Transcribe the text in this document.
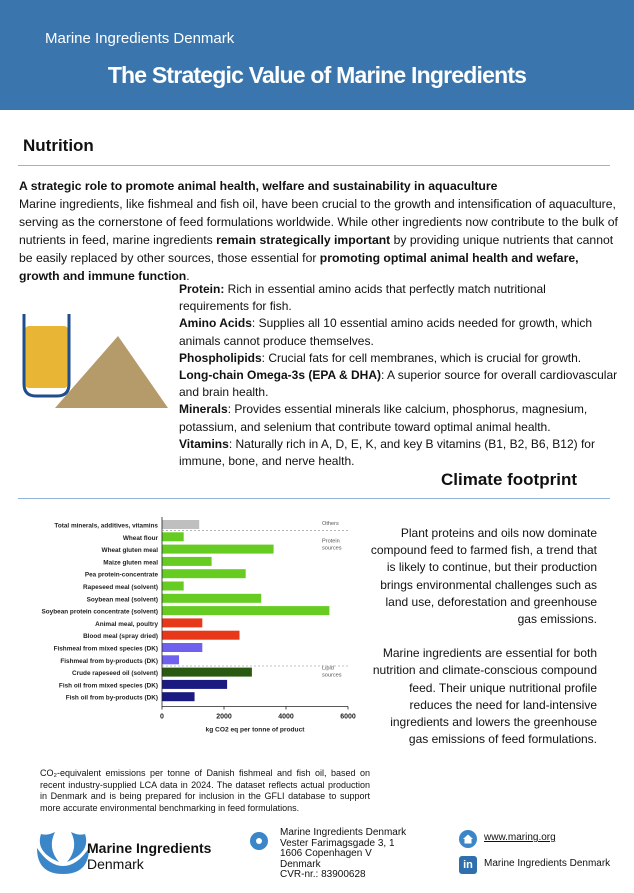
Marine Ingredients Denmark
The Strategic Value of Marine Ingredients
Nutrition
A strategic role to promote animal health, welfare and sustainability in aquaculture
Marine ingredients, like fishmeal and fish oil, have been crucial to the growth and intensification of aquaculture, serving as the cornerstone of feed formulations worldwide. While other ingredients now contribute to the bulk of nutrients in feed, marine ingredients remain strategically important by providing unique nutrients that cannot be easily replaced by other sources, those essential for promoting optimal animal health and wefare, growth and immune function.

Protein: Rich in essential amino acids that perfectly match nutritional requirements for fish.

Amino Acids: Supplies all 10 essential amino acids needed for growth, which animals cannot produce themselves.

Phospholipids: Crucial fats for cell membranes, which is crucial for growth.

Long-chain Omega-3s (EPA & DHA): A superior source for overall cardiovascular and brain health.

Minerals: Provides essential minerals like calcium, phosphorus, magnesium, potassium, and selenium that contribute toward optimal animal health.

Vitamins: Naturally rich in A, D, E, K, and key B vitamins (B1, B2, B6, B12) for immune, bone, and nerve health.

Climate footprint
Total minerals, additives, vitamins
Wheat flour
Wheat gluten meal
Maize gluten meal
Pea protein-concentrate
Rapeseed meal (solvent)
Soybean meal (solvent)
Soybean protein concentrate (solvent)
Animal meal, poultry
Blood meal (spray dried)
Fishmeal from mixed species (DK)
Fishmeal from by-products (DK)
Crude rapeseed oil (solvent)
Fish oil from mixed species (DK)
Fish oil from by-products (DK)
0	2000	4000	6000
kg CO2 eq per tonne of product
Others
Protein sources
Lipid sources
CO₂-equivalent emissions per tonne of Danish fishmeal and fish oil, based on recent industry-supplied LCA data in 2024. The dataset reflects actual production in Denmark and is being prepared for inclusion in the GFLI database to support more accurate environmental benchmarking in feed formulations.

Plant proteins and oils now dominate compound feed to farmed fish, a trend that is likely to continue, but their production brings environmental challenges such as land use, deforestation and greenhouse gas emissions.

Marine ingredients are essential for both nutrition and climate-conscious compound feed. Their unique nutritional profile reduces the need for land-intensive ingredients and lowers the greenhouse gas emissions of feed formulations.

Marine Ingredients
Denmark
Marine Ingredients Denmark
Vester Farimagsgade 3, 1
1606 Copenhagen V
Denmark
CVR-nr.: 83900628
www.maring.org
in	Marine Ingredients Denmark
